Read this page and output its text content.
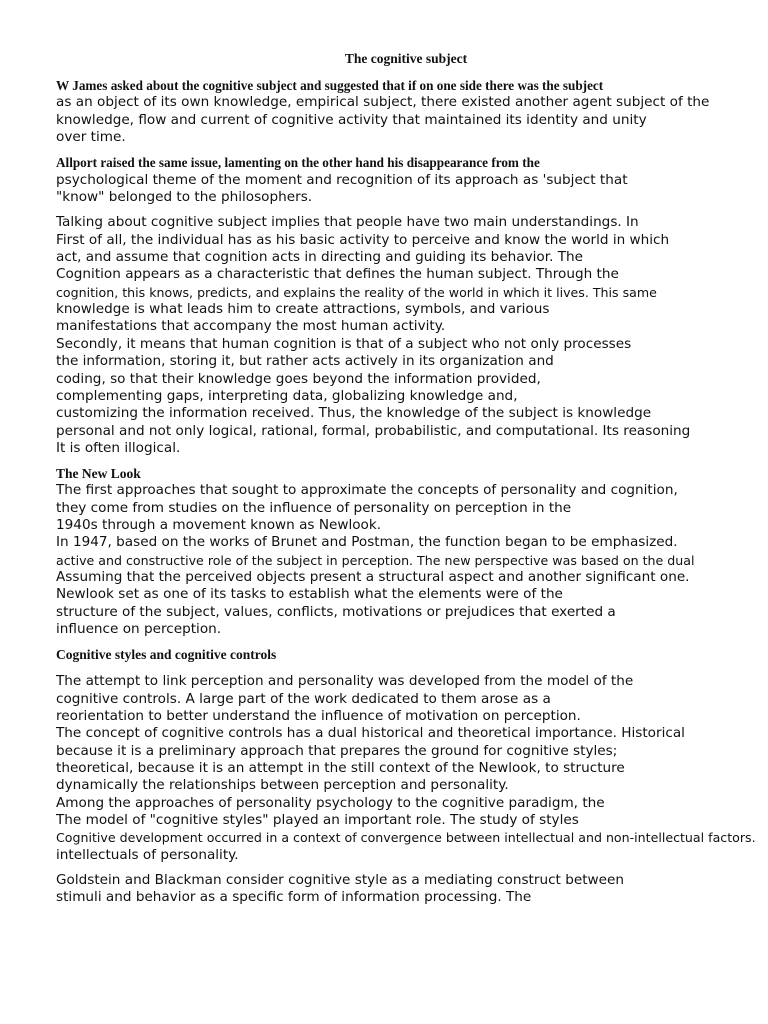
The cognitive subject
W James asked about the cognitive subject and suggested that if on one side there was the subject
as an object of its own knowledge, empirical subject, there existed another agent subject of the
knowledge, flow and current of cognitive activity that maintained its identity and unity
over time.
Allport raised the same issue, lamenting on the other hand his disappearance from the
psychological theme of the moment and recognition of its approach as 'subject that
"know" belonged to the philosophers.
Talking about cognitive subject implies that people have two main understandings. In
First of all, the individual has as his basic activity to perceive and know the world in which
act, and assume that cognition acts in directing and guiding its behavior. The
Cognition appears as a characteristic that defines the human subject. Through the
cognition, this knows, predicts, and explains the reality of the world in which it lives. This same
knowledge is what leads him to create attractions, symbols, and various
manifestations that accompany the most human activity.
Secondly, it means that human cognition is that of a subject who not only processes
the information, storing it, but rather acts actively in its organization and
coding, so that their knowledge goes beyond the information provided,
complementing gaps, interpreting data, globalizing knowledge and,
customizing the information received. Thus, the knowledge of the subject is knowledge
personal and not only logical, rational, formal, probabilistic, and computational. Its reasoning
It is often illogical.
The New Look
The first approaches that sought to approximate the concepts of personality and cognition,
they come from studies on the influence of personality on perception in the
1940s through a movement known as Newlook.
In 1947, based on the works of Brunet and Postman, the function began to be emphasized.
active and constructive role of the subject in perception. The new perspective was based on the dual
Assuming that the perceived objects present a structural aspect and another significant one.
Newlook set as one of its tasks to establish what the elements were of the
structure of the subject, values, conflicts, motivations or prejudices that exerted a
influence on perception.
Cognitive styles and cognitive controls
The attempt to link perception and personality was developed from the model of the
cognitive controls. A large part of the work dedicated to them arose as a
reorientation to better understand the influence of motivation on perception.
The concept of cognitive controls has a dual historical and theoretical importance. Historical
because it is a preliminary approach that prepares the ground for cognitive styles;
theoretical, because it is an attempt in the still context of the Newlook, to structure
dynamically the relationships between perception and personality.
Among the approaches of personality psychology to the cognitive paradigm, the
The model of "cognitive styles" played an important role. The study of styles
Cognitive development occurred in a context of convergence between intellectual and non-intellectual factors.
intellectuals of personality.
Goldstein and Blackman consider cognitive style as a mediating construct between
stimuli and behavior as a specific form of information processing. The
